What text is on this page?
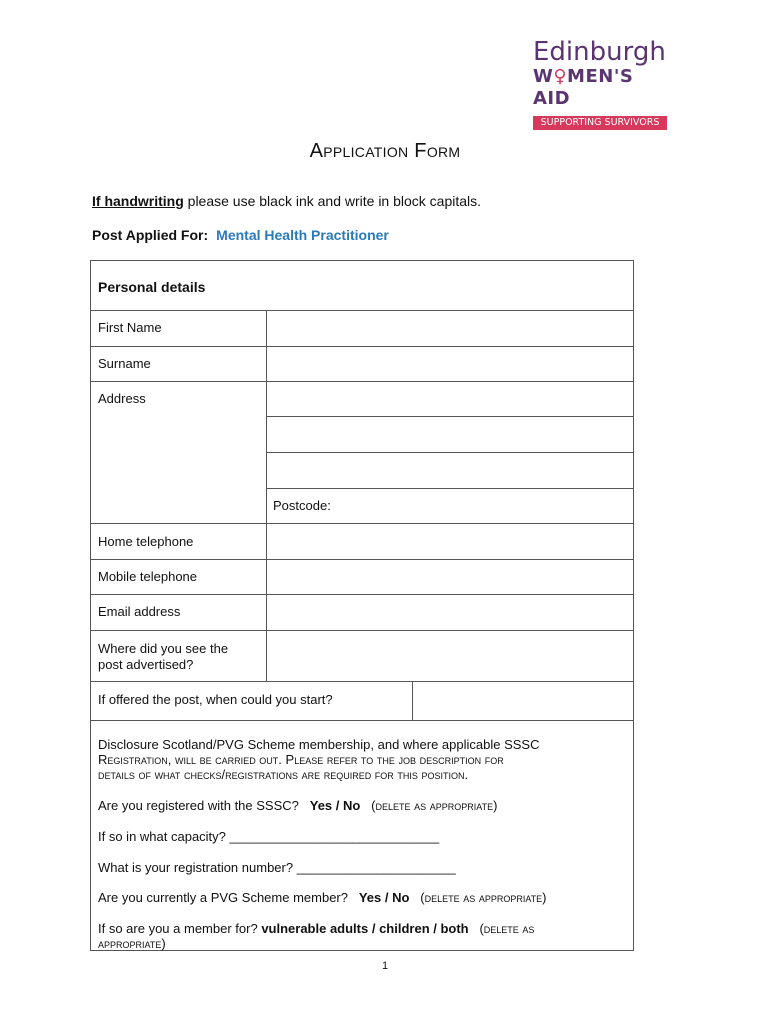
Edinburgh
W♀MEN'S AID
SUPPORTING SURVIVORS
Application Form
If handwriting please use black ink and write in block capitals.
Post Applied For: Mental Health Practitioner
Personal details
First Name
Surname
Address
Postcode:
Home telephone
Mobile telephone
Email address
Where did you see the
post advertised?
If offered the post, when could you start?
Disclosure Scotland/PVG Scheme membership, and where applicable SSSC
Registration, will be carried out. Please refer to the job description for
details of what checks/registrations are required for this position.
Are you registered with the SSSC? Yes / No (delete as appropriate)
If so in what capacity? _____________________________
What is your registration number? ______________________
Are you currently a PVG Scheme member? Yes / No (delete as appropriate)
If so are you a member for? vulnerable adults / children / both (delete as
appropriate)
1
